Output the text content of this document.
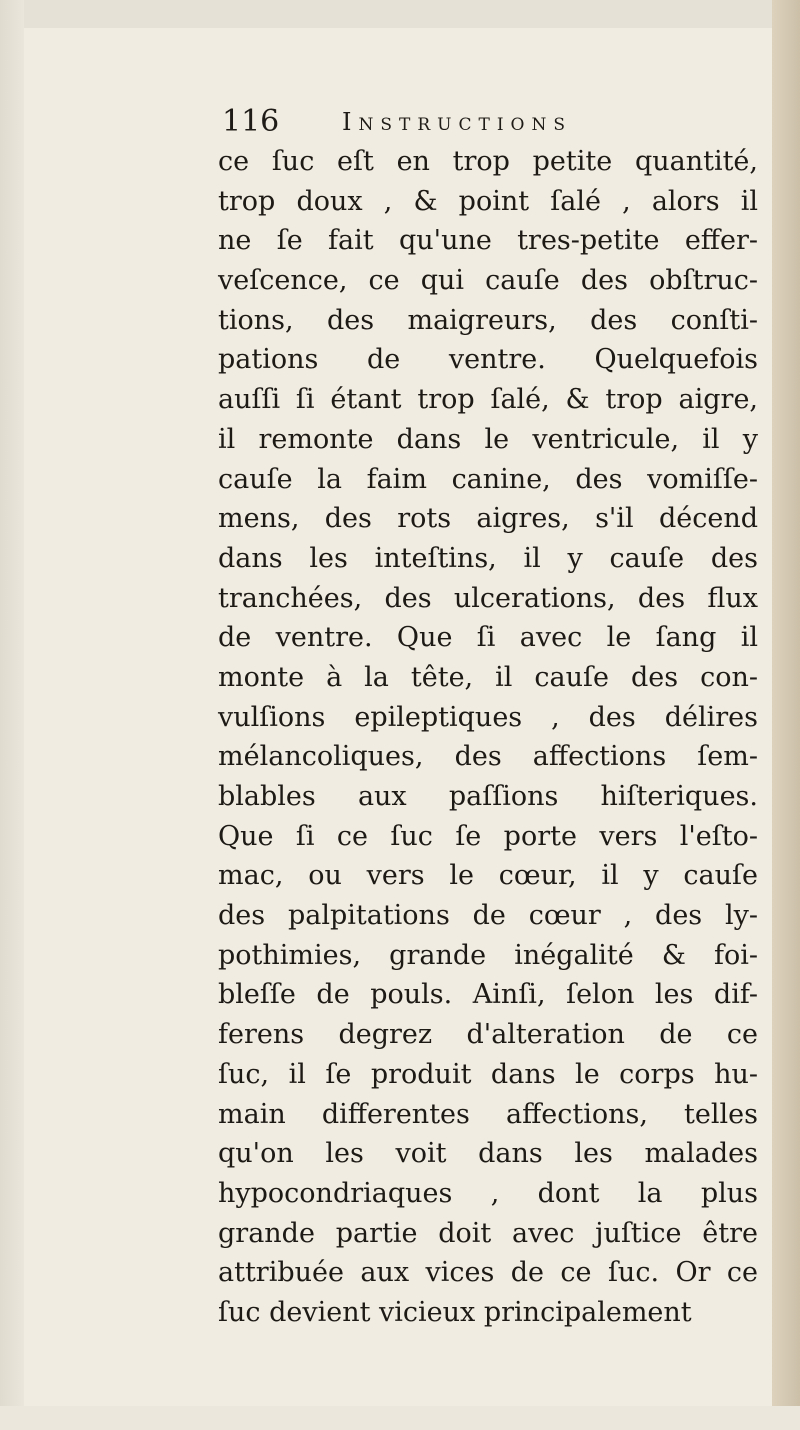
116	Instructions
ce ſuc eſt en trop petite quantité,
trop doux , & point ſalé , alors il
ne ſe fait qu'une tres-petite effer-
veſcence, ce qui cauſe des obſtruc-
tions, des maigreurs, des conſti-
pations de ventre. Quelquefois
auſſi ſi étant trop ſalé, & trop aigre,
il remonte dans le ventricule, il y
cauſe la faim canine, des vomiſſe-
mens, des rots aigres, s'il décend
dans les inteſtins, il y cauſe des
tranchées, des ulcerations, des flux
de ventre. Que ſi avec le ſang il
monte à la tête, il cauſe des con-
vulſions epileptiques , des délires
mélancoliques, des affections ſem-
blables aux paſſions hiſteriques.
Que ſi ce ſuc ſe porte vers l'eſto-
mac, ou vers le cœur, il y cauſe
des palpitations de cœur , des ly-
pothimies, grande inégalité & foi-
bleſſe de pouls. Ainſi, ſelon les dif-
ferens degrez d'alteration de ce
ſuc, il ſe produit dans le corps hu-
main differentes affections, telles
qu'on les voit dans les malades
hypocondriaques , dont la plus
grande partie doit avec juſtice être
attribuée aux vices de ce ſuc. Or ce
ſuc devient vicieux principalement
